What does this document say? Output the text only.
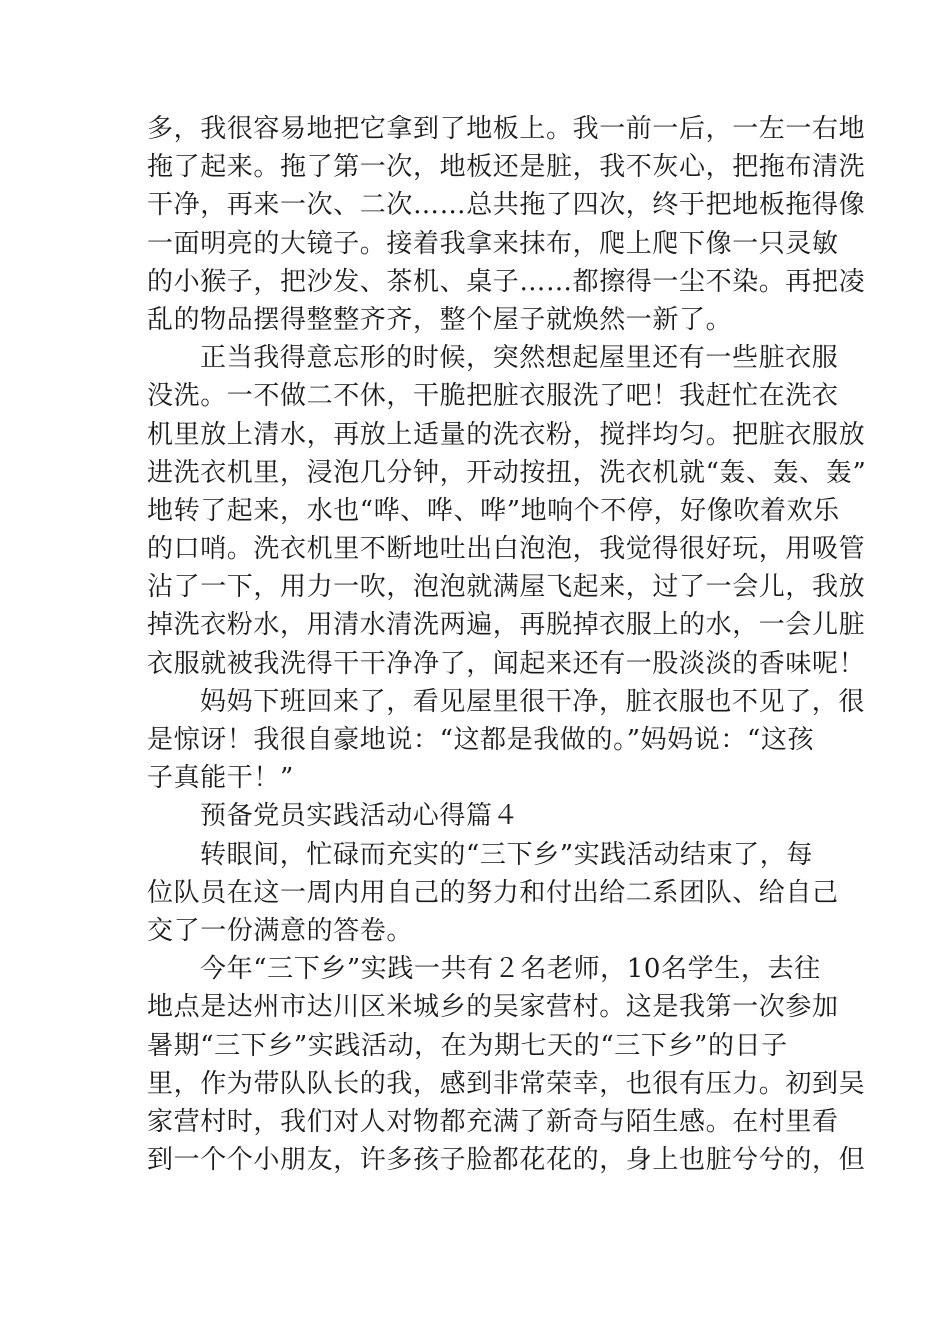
多，我很容易地把它拿到了地板上。我一前一后，一左一右地
拖了起来。拖了第一次，地板还是脏，我不灰心，把拖布清洗
干净，再来一次、二次……总共拖了四次，终于把地板拖得像
一面明亮的大镜子。接着我拿来抹布，爬上爬下像一只灵敏
的小猴子，把沙发、茶机、桌子……都擦得一尘不染。再把凌
乱的物品摆得整整齐齐，整个屋子就焕然一新了。
正当我得意忘形的时候，突然想起屋里还有一些脏衣服
没洗。一不做二不休，干脆把脏衣服洗了吧！我赶忙在洗衣
机里放上清水，再放上适量的洗衣粉，搅拌均匀。把脏衣服放
进洗衣机里，浸泡几分钟，开动按扭，洗衣机就“轰、轰、轰”
地转了起来，水也“哗、哗、哗”地响个不停，好像吹着欢乐
的口哨。洗衣机里不断地吐出白泡泡，我觉得很好玩，用吸管
沾了一下，用力一吹，泡泡就满屋飞起来，过了一会儿，我放
掉洗衣粉水，用清水清洗两遍，再脱掉衣服上的水，一会儿脏
衣服就被我洗得干干净净了，闻起来还有一股淡淡的香味呢！
妈妈下班回来了，看见屋里很干净，脏衣服也不见了，很
是惊讶！我很自豪地说：“这都是我做的。”妈妈说：“这孩
子真能干！”
预备党员实践活动心得篇４
转眼间，忙碌而充实的“三下乡”实践活动结束了，每
位队员在这一周内用自己的努力和付出给二系团队、给自己
交了一份满意的答卷。
今年“三下乡”实践一共有２名老师，10名学生，去往
地点是达州市达川区米城乡的吴家营村。这是我第一次参加
暑期“三下乡”实践活动，在为期七天的“三下乡”的日子
里，作为带队队长的我，感到非常荣幸，也很有压力。初到吴
家营村时，我们对人对物都充满了新奇与陌生感。在村里看
到一个个小朋友，许多孩子脸都花花的，身上也脏兮兮的，但
